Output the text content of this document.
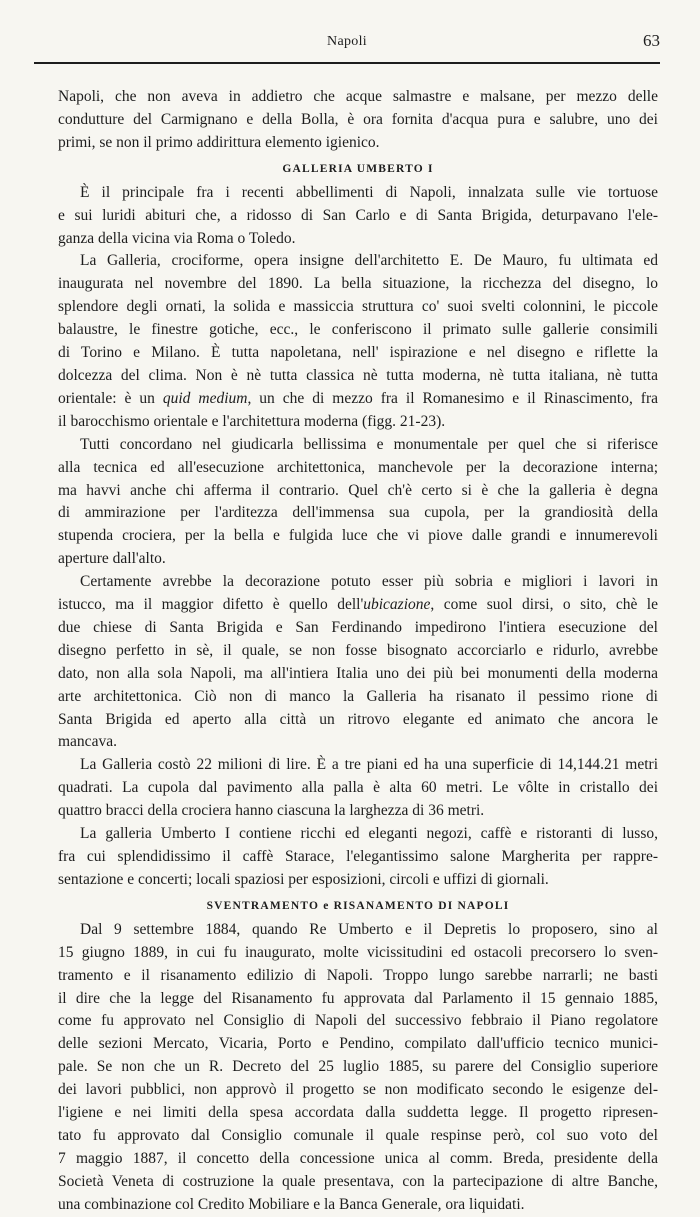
Napoli	63
Napoli, che non aveva in addietro che acque salmastre e malsane, per mezzo delle
condutture del Carmignano e della Bolla, è ora fornita d'acqua pura e salubre, uno dei
primi, se non il primo addirittura elemento igienico.
GALLERIA UMBERTO I
È il principale fra i recenti abbellimenti di Napoli, innalzata sulle vie tortuose
e sui luridi abituri che, a ridosso di San Carlo e di Santa Brigida, deturpavano l'ele-
ganza della vicina via Roma o Toledo.
La Galleria, crociforme, opera insigne dell'architetto E. De Mauro, fu ultimata ed
inaugurata nel novembre del 1890. La bella situazione, la ricchezza del disegno, lo
splendore degli ornati, la solida e massiccia struttura co' suoi svelti colonnini, le piccole
balaustre, le finestre gotiche, ecc., le conferiscono il primato sulle gallerie consimili
di Torino e Milano. È tutta napoletana, nell' ispirazione e nel disegno e riflette la
dolcezza del clima. Non è nè tutta classica nè tutta moderna, nè tutta italiana, nè tutta
orientale: è un quid medium, un che di mezzo fra il Romanesimo e il Rinascimento, fra
il barocchismo orientale e l'architettura moderna (figg. 21-23).
Tutti concordano nel giudicarla bellissima e monumentale per quel che si riferisce
alla tecnica ed all'esecuzione architettonica, manchevole per la decorazione interna;
ma havvi anche chi afferma il contrario. Quel ch'è certo si è che la galleria è degna
di ammirazione per l'arditezza dell'immensa sua cupola, per la grandiosità della
stupenda crociera, per la bella e fulgida luce che vi piove dalle grandi e innumerevoli
aperture dall'alto.
Certamente avrebbe la decorazione potuto esser più sobria e migliori i lavori in
istucco, ma il maggior difetto è quello dell'ubicazione, come suol dirsi, o sito, chè le
due chiese di Santa Brigida e San Ferdinando impedirono l'intiera esecuzione del
disegno perfetto in sè, il quale, se non fosse bisognato accorciarlo e ridurlo, avrebbe
dato, non alla sola Napoli, ma all'intiera Italia uno dei più bei monumenti della moderna
arte architettonica. Ciò non di manco la Galleria ha risanato il pessimo rione di
Santa Brigida ed aperto alla città un ritrovo elegante ed animato che ancora le
mancava.
La Galleria costò 22 milioni di lire. È a tre piani ed ha una superficie di 14,144.21 metri
quadrati. La cupola dal pavimento alla palla è alta 60 metri. Le vôlte in cristallo dei
quattro bracci della crociera hanno ciascuna la larghezza di 36 metri.
La galleria Umberto I contiene ricchi ed eleganti negozi, caffè e ristoranti di lusso,
fra cui splendidissimo il caffè Starace, l'elegantissimo salone Margherita per rappre-
sentazione e concerti; locali spaziosi per esposizioni, circoli e uffizi di giornali.
SVENTRAMENTO e RISANAMENTO DI NAPOLI
Dal 9 settembre 1884, quando Re Umberto e il Depretis lo proposero, sino al
15 giugno 1889, in cui fu inaugurato, molte vicissitudini ed ostacoli precorsero lo sven-
tramento e il risanamento edilizio di Napoli. Troppo lungo sarebbe narrarli; ne basti
il dire che la legge del Risanamento fu approvata dal Parlamento il 15 gennaio 1885,
come fu approvato nel Consiglio di Napoli del successivo febbraio il Piano regolatore
delle sezioni Mercato, Vicaria, Porto e Pendino, compilato dall'ufficio tecnico munici-
pale. Se non che un R. Decreto del 25 luglio 1885, su parere del Consiglio superiore
dei lavori pubblici, non approvò il progetto se non modificato secondo le esigenze del-
l'igiene e nei limiti della spesa accordata dalla suddetta legge. Il progetto ripresen-
tato fu approvato dal Consiglio comunale il quale respinse però, col suo voto del
7 maggio 1887, il concetto della concessione unica al comm. Breda, presidente della
Società Veneta di costruzione la quale presentava, con la partecipazione di altre Banche,
una combinazione col Credito Mobiliare e la Banca Generale, ora liquidati.
